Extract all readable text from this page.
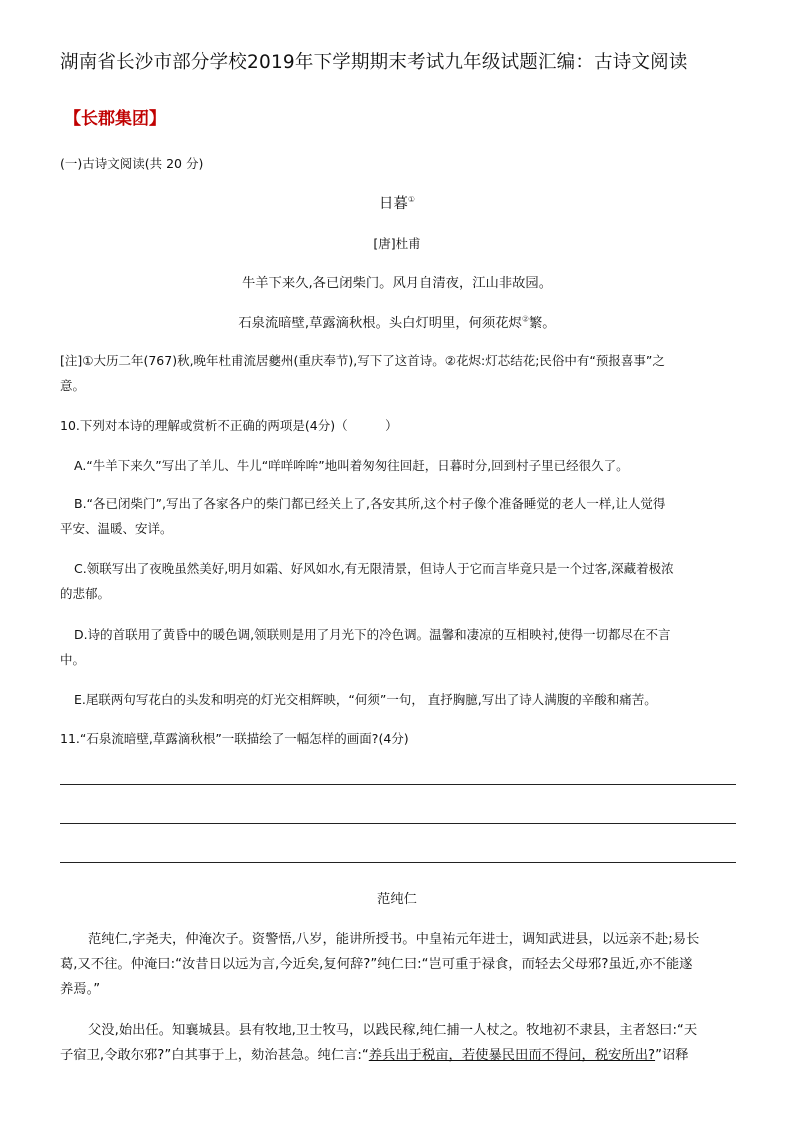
湖南省长沙市部分学校2019年下学期期末考试九年级试题汇编：古诗文阅读
【长郡集团】
(一)古诗文阅读(共 20 分)
日暮①
[唐]杜甫
牛羊下来久,各已闭柴门。风月自清夜，江山非故园。
石泉流暗壁,草露滴秋根。头白灯明里，何须花烬②繁。
[注]①大历二年(767)秋,晚年杜甫流居夔州(重庆奉节),写下了这首诗。②花烬:灯芯结花;民俗中有“预报喜事”之
意。
10.下列对本诗的理解或赏析不正确的两项是(4分)（　　　）
A.“牛羊下来久”写出了羊儿、牛儿“咩咩哞哞”地叫着匆匆往回赶，日暮时分,回到村子里已经很久了。
B.“各已闭柴门”,写出了各家各户的柴门都已经关上了,各安其所,这个村子像个准备睡觉的老人一样,让人觉得
平安、温暖、安详。
C.领联写出了夜晚虽然美好,明月如霜、好风如水,有无限清景，但诗人于它而言毕竟只是一个过客,深藏着极浓
的悲郁。
D.诗的首联用了黄昏中的暖色调,领联则是用了月光下的冷色调。温馨和凄凉的互相映衬,使得一切都尽在不言
中。
E.尾联两句写花白的头发和明亮的灯光交相辉映，“何须”一句， 直抒胸臆,写出了诗人满腹的辛酸和痛苦。
11.“石泉流暗壁,草露滴秋根”一联描绘了一幅怎样的画面?(4分)
范纯仁
范纯仁,字尧夫，仲淹次子。资警悟,八岁，能讲所授书。中皇祐元年进士，调知武进县，以远亲不赴;易长
葛,又不往。仲淹曰:“汝昔日以远为言,今近矣,复何辞?”纯仁曰:“岂可重于禄食，而轻去父母邪?虽近,亦不能遂
养焉。”
父没,始出任。知襄城县。县有牧地,卫士牧马，以践民稼,纯仁捕一人杖之。牧地初不隶县，主者怒曰:“天
子宿卫,令敢尔邪?”白其事于上，劾治甚急。纯仁言:“养兵出于税亩，若使暴民田而不得问，税安所出?”诏释
